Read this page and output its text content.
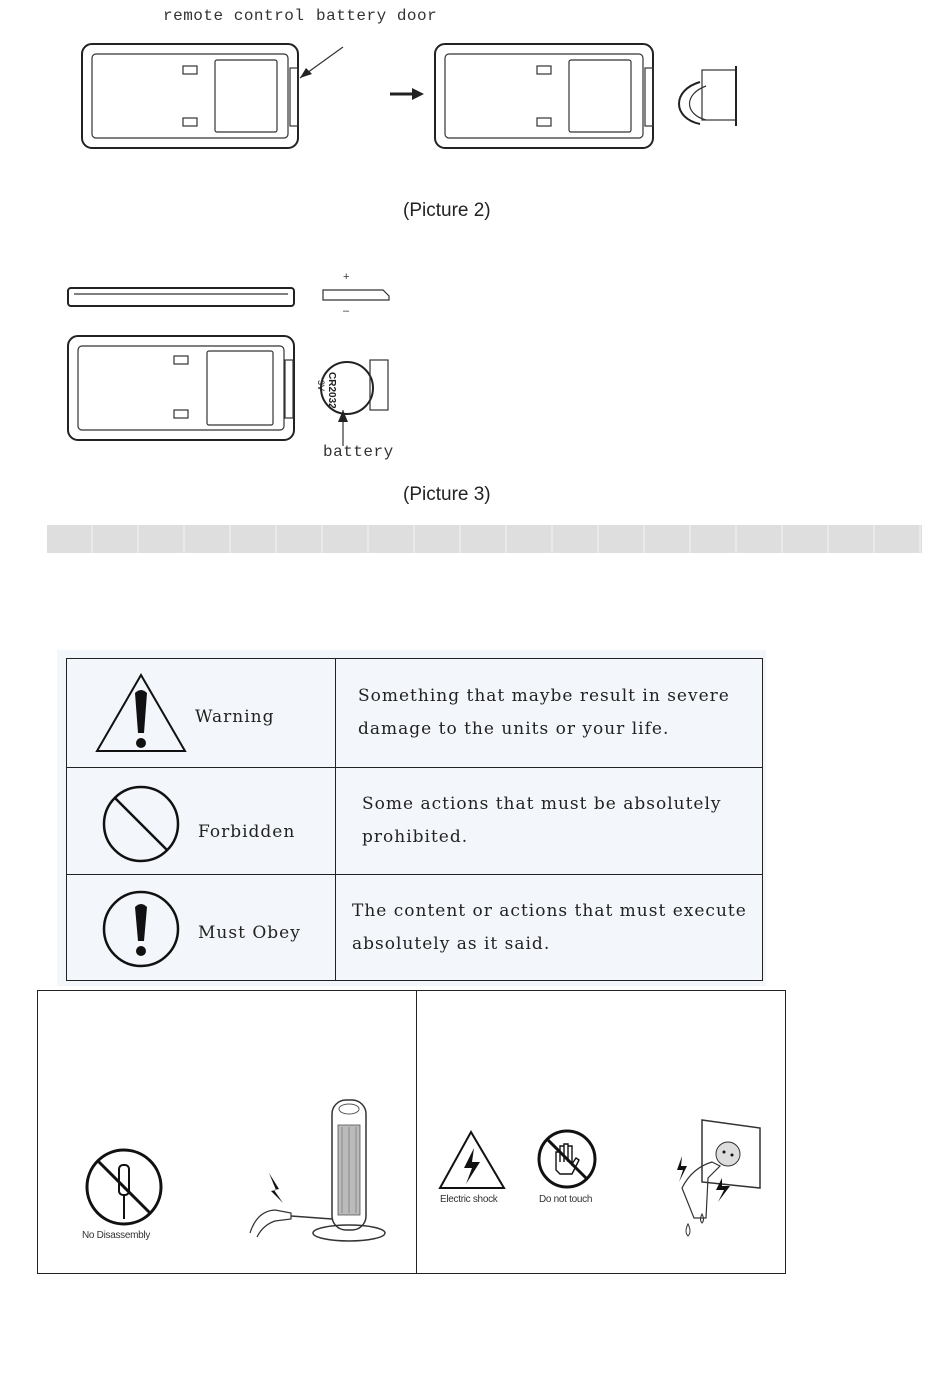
remote control battery door
(Picture 2)
+
–
CR2032
3V
battery
(Picture 3)
Warning	Something that maybe result in severe
damage to the units or your life.

Forbidden	Some actions that must be absolutely
prohibited.

Must Obey	The content or actions that must execute
absolutely as it said.
No Disassembly
Electric shock	Do not touch
